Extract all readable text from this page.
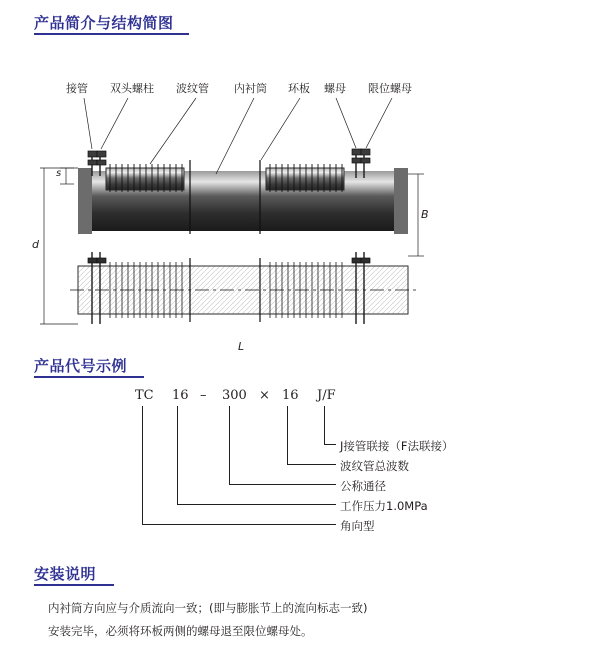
产品简介与结构简图
接管 双头螺柱 波纹管 内衬筒 环板 螺母 限位螺母
s
d
B
L
产品代号示例
TC 16 – 300 × 16 J/F
J接管联接（F法联接）
波纹管总波数
公称通径
工作压力1.0MPa
角向型
安装说明

内衬筒方向应与介质流向一致；(即与膨胀节上的流向标志一致)

安装完毕，必须将环板两侧的螺母退至限位螺母处。
